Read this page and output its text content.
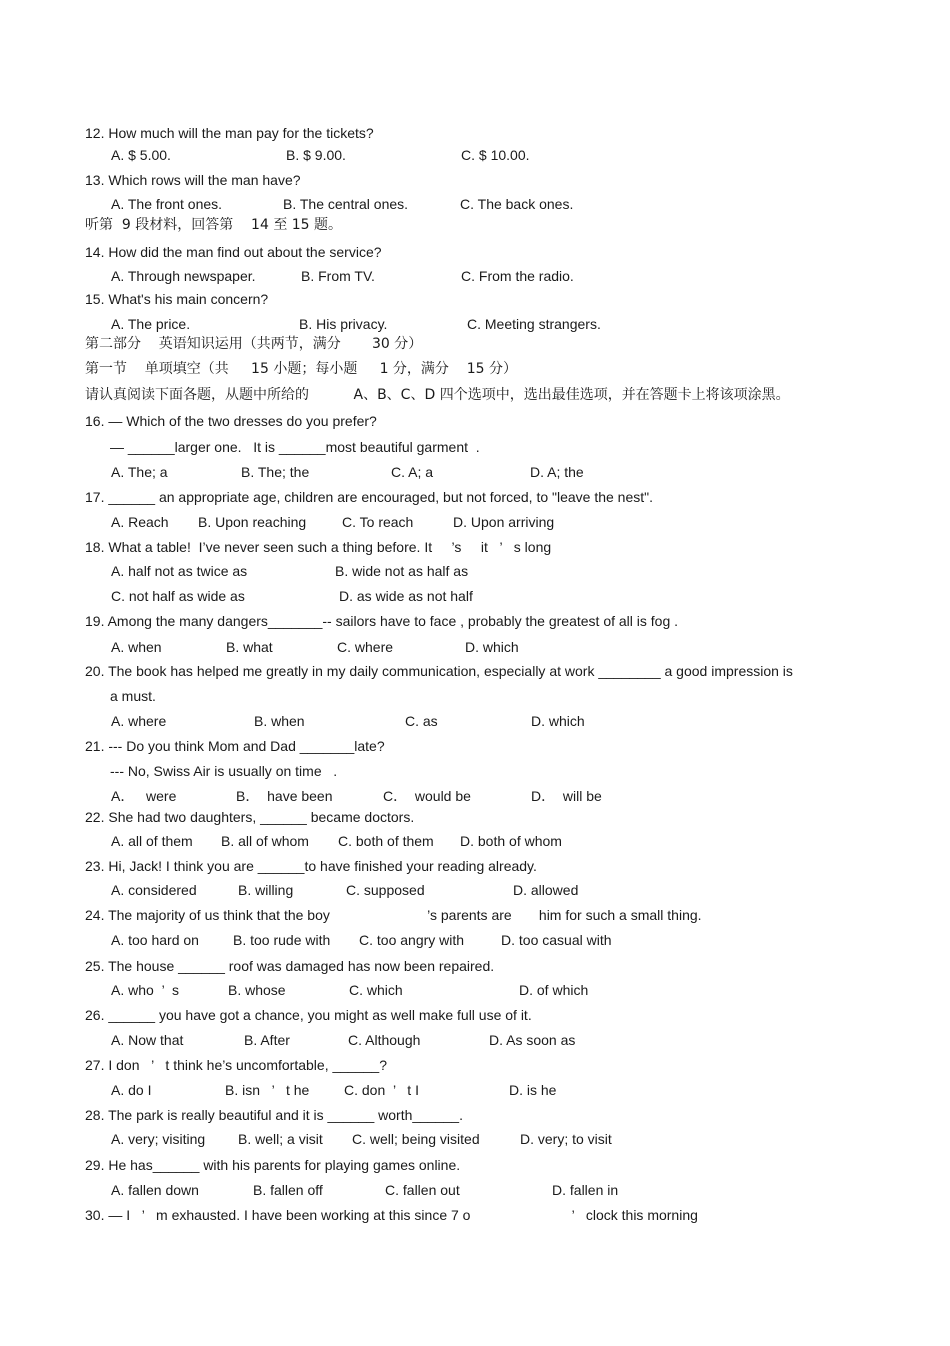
12. How much will the man pay for the tickets?
13. Which rows will the man have?
听第  9 段材料，回答第    14 至 15 题。
14. How did the man find out about the service?
15. What's his main concern?
第二部分    英语知识运用（共两节，满分       30 分）
第一节    单项填空（共     15 小题；每小题     1 分，满分    15 分）
请认真阅读下面各题，从题中所给的          A、B、C、D 四个选项中，选出最佳选项，并在答题卡上将该项涂黑。
16. — Which of the two dresses do you prefer?
— ______larger one.   It is ______most beautiful garment  .
17. ______ an appropriate age, children are encouraged, but not forced, to "leave the nest".
18. What a table!  I’ve never seen such a thing before. It     ’s     it   ’   s long
19. Among the many dangers_______-- sailors have to face , probably the greatest of all is fog .
20. The book has helped me greatly in my daily communication, especially at work ________ a good impression is
a must.
21. --- Do you think Mom and Dad _______late?
--- No, Swiss Air is usually on time   .
22. She had two daughters, ______ became doctors.
23. Hi, Jack! I think you are ______to have finished your reading already.
24. The majority of us think that the boy                         ’s parents are       him for such a small thing.
25. The house ______ roof was damaged has now been repaired.
26. ______ you have got a chance, you might as well make full use of it.
27. I don   ’   t think he’s uncomfortable, ______?
28. The park is really beautiful and it is ______ worth______.
29. He has______ with his parents for playing games online.
30. — I   ’   m exhausted. I have been working at this since 7 o                          ’   clock this morning
A. $ 5.00.	B. $ 9.00.	C. $ 10.00.
A. The front ones.	B. The central ones.	C. The back ones.
A. Through newspaper.	B. From TV.	C. From the radio.
A. The price.	B. His privacy.	C. Meeting strangers.
A. The; a	B. The; the	C. A; a	D. A; the
A. Reach B. Upon reaching	C. To reach	D. Upon arriving
A. half not as twice as	B. wide not as half as
C. not half as wide as	D. as wide as not half
A. when	B. what	C. where	D. which
A. where	B. when	C. as	D. which
A．   were	B．  have been	C．  would be	D．  will be
A. all of them B. all of whom C. both of them D. both of whom
A. considered	B. willing	C. supposed	D. allowed
A. too hard on B. too rude with C. too angry with	D. too casual with
A. who  ’  s	B. whose	C. which	D. of which
A. Now that	B. After	C. Although	D. As soon as
A. do I	B. isn   ’   t he C. don  ’   t I	D. is he
A. very; visiting B. well; a visit C. well; being visited	D. very; to visit
A. fallen down	B. fallen off	C. fallen out	D. fallen in
